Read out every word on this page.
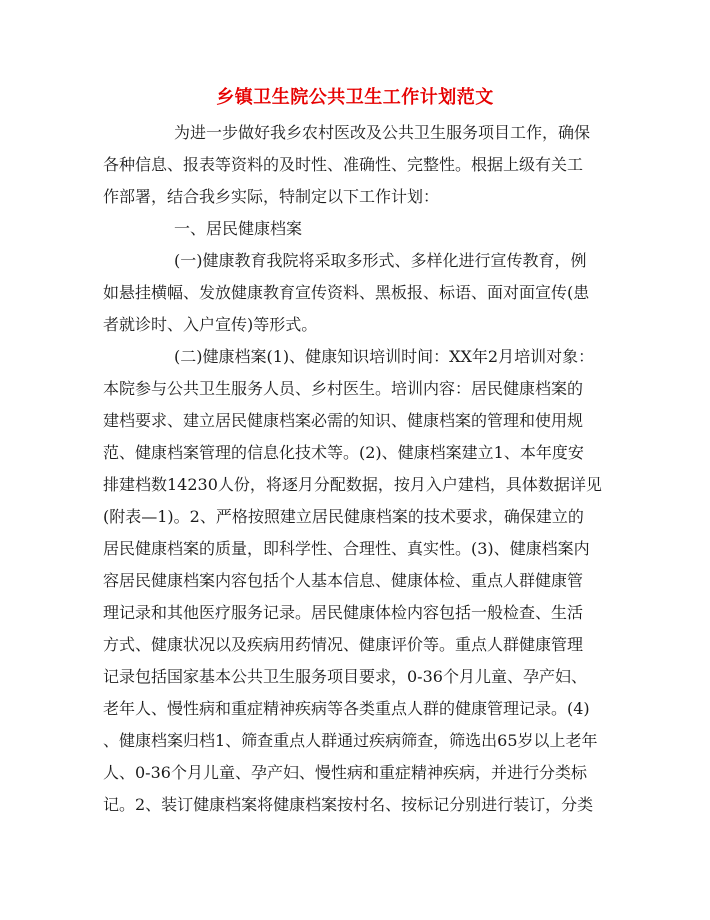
乡镇卫生院公共卫生工作计划范文
为进一步做好我乡农村医改及公共卫生服务项目工作，确保
各种信息、报表等资料的及时性、准确性、完整性。根据上级有关工
作部署，结合我乡实际，特制定以下工作计划：
一、居民健康档案
(一)健康教育我院将采取多形式、多样化进行宣传教育，例
如悬挂横幅、发放健康教育宣传资料、黑板报、标语、面对面宣传(患
者就诊时、入户宣传)等形式。
(二)健康档案(1)、健康知识培训时间：XX年2月培训对象：
本院参与公共卫生服务人员、乡村医生。培训内容：居民健康档案的
建档要求、建立居民健康档案必需的知识、健康档案的管理和使用规
范、健康档案管理的信息化技术等。(2)、健康档案建立1、本年度安
排建档数14230人份，将逐月分配数据，按月入户建档，具体数据详见
(附表—1)。2、严格按照建立居民健康档案的技术要求，确保建立的
居民健康档案的质量，即科学性、合理性、真实性。(3)、健康档案内
容居民健康档案内容包括个人基本信息、健康体检、重点人群健康管
理记录和其他医疗服务记录。居民健康体检内容包括一般检查、生活
方式、健康状况以及疾病用药情况、健康评价等。重点人群健康管理
记录包括国家基本公共卫生服务项目要求，0-36个月儿童、孕产妇、
老年人、慢性病和重症精神疾病等各类重点人群的健康管理记录。(4)
、健康档案归档1、筛查重点人群通过疾病筛查，筛选出65岁以上老年
人、0-36个月儿童、孕产妇、慢性病和重症精神疾病，并进行分类标
记。2、装订健康档案将健康档案按村名、按标记分别进行装订，分类
